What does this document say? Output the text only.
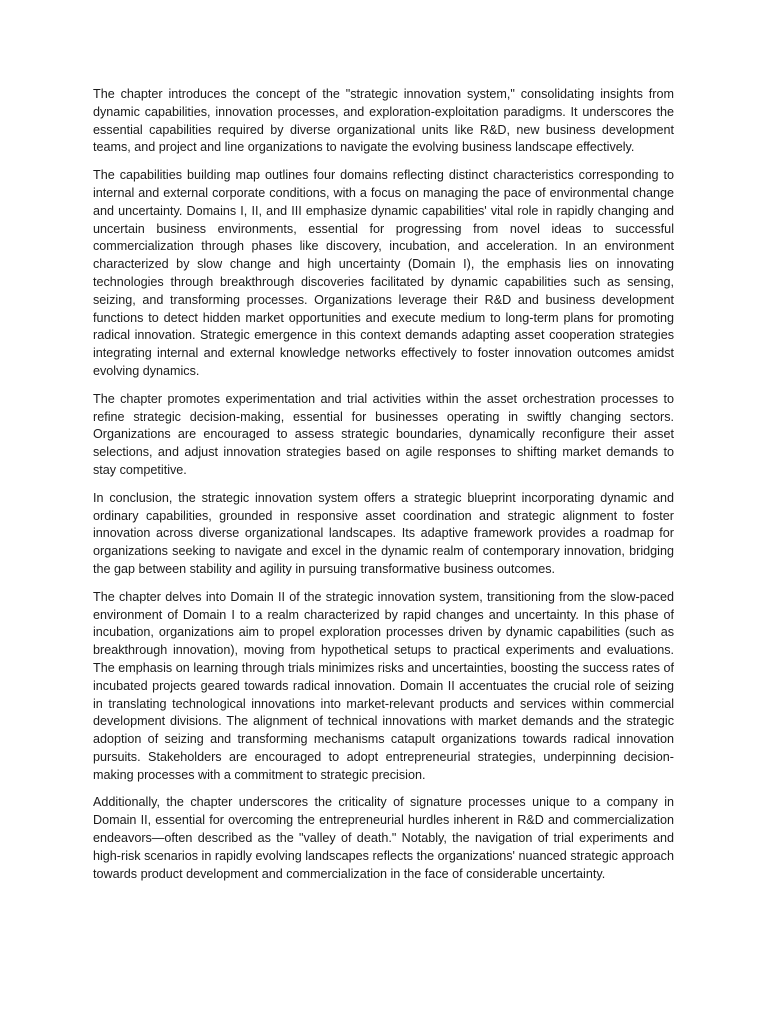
The chapter introduces the concept of the "strategic innovation system," consolidating insights from dynamic capabilities, innovation processes, and exploration-exploitation paradigms. It underscores the essential capabilities required by diverse organizational units like R&D, new business development teams, and project and line organizations to navigate the evolving business landscape effectively.

The capabilities building map outlines four domains reflecting distinct characteristics corresponding to internal and external corporate conditions, with a focus on managing the pace of environmental change and uncertainty. Domains I, II, and III emphasize dynamic capabilities' vital role in rapidly changing and uncertain business environments, essential for progressing from novel ideas to successful commercialization through phases like discovery, incubation, and acceleration. In an environment characterized by slow change and high uncertainty (Domain I), the emphasis lies on innovating technologies through breakthrough discoveries facilitated by dynamic capabilities such as sensing, seizing, and transforming processes. Organizations leverage their R&D and business development functions to detect hidden market opportunities and execute medium to long-term plans for promoting radical innovation. Strategic emergence in this context demands adapting asset cooperation strategies integrating internal and external knowledge networks effectively to foster innovation outcomes amidst evolving dynamics.

The chapter promotes experimentation and trial activities within the asset orchestration processes to refine strategic decision-making, essential for businesses operating in swiftly changing sectors. Organizations are encouraged to assess strategic boundaries, dynamically reconfigure their asset selections, and adjust innovation strategies based on agile responses to shifting market demands to stay competitive.

In conclusion, the strategic innovation system offers a strategic blueprint incorporating dynamic and ordinary capabilities, grounded in responsive asset coordination and strategic alignment to foster innovation across diverse organizational landscapes. Its adaptive framework provides a roadmap for organizations seeking to navigate and excel in the dynamic realm of contemporary innovation, bridging the gap between stability and agility in pursuing transformative business outcomes.

The chapter delves into Domain II of the strategic innovation system, transitioning from the slow-paced environment of Domain I to a realm characterized by rapid changes and uncertainty. In this phase of incubation, organizations aim to propel exploration processes driven by dynamic capabilities (such as breakthrough innovation), moving from hypothetical setups to practical experiments and evaluations. The emphasis on learning through trials minimizes risks and uncertainties, boosting the success rates of incubated projects geared towards radical innovation. Domain II accentuates the crucial role of seizing in translating technological innovations into market-relevant products and services within commercial development divisions. The alignment of technical innovations with market demands and the strategic adoption of seizing and transforming mechanisms catapult organizations towards radical innovation pursuits. Stakeholders are encouraged to adopt entrepreneurial strategies, underpinning decision-making processes with a commitment to strategic precision.

Additionally, the chapter underscores the criticality of signature processes unique to a company in Domain II, essential for overcoming the entrepreneurial hurdles inherent in R&D and commercialization endeavors—often described as the "valley of death." Notably, the navigation of trial experiments and high-risk scenarios in rapidly evolving landscapes reflects the organizations' nuanced strategic approach towards product development and commercialization in the face of considerable uncertainty.
